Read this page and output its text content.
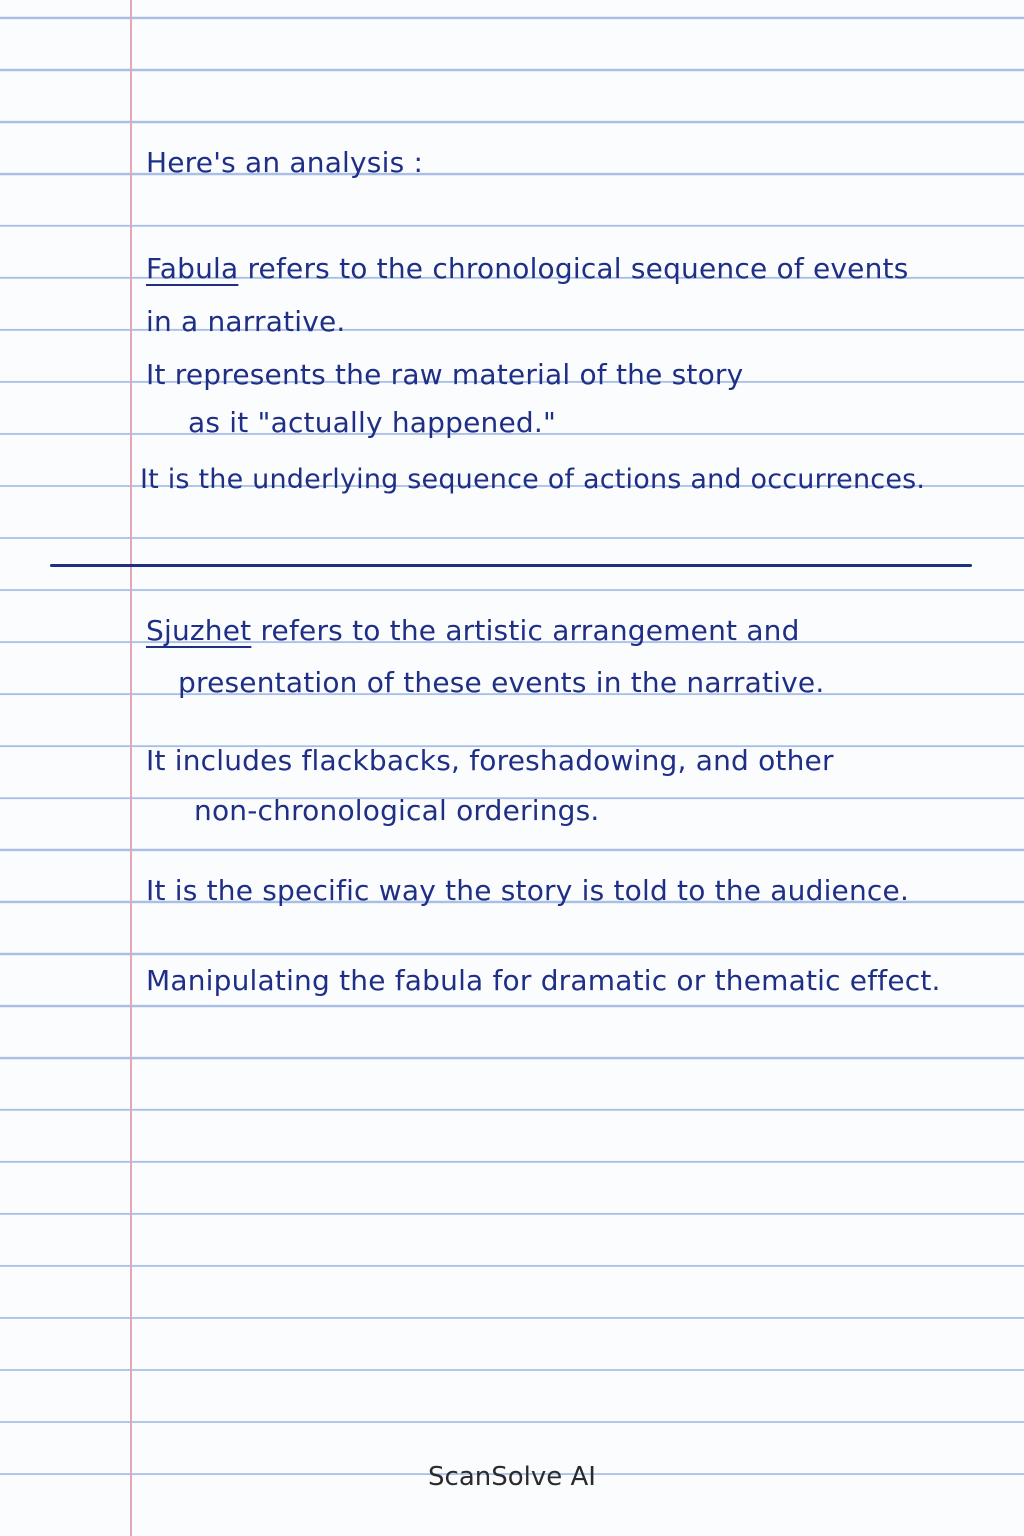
Here's an analysis :
Fabula refers to the chronological sequence of events
in a narrative.
It represents the raw material of the story
as it "actually happened."
It is the underlying sequence of actions and occurrences.
Sjuzhet refers to the artistic arrangement and
presentation of these events in the narrative.
It includes flackbacks, foreshadowing, and other
non-chronological orderings.
It is the specific way the story is told to the audience.
Manipulating the fabula for dramatic or thematic effect.
ScanSolve AI
